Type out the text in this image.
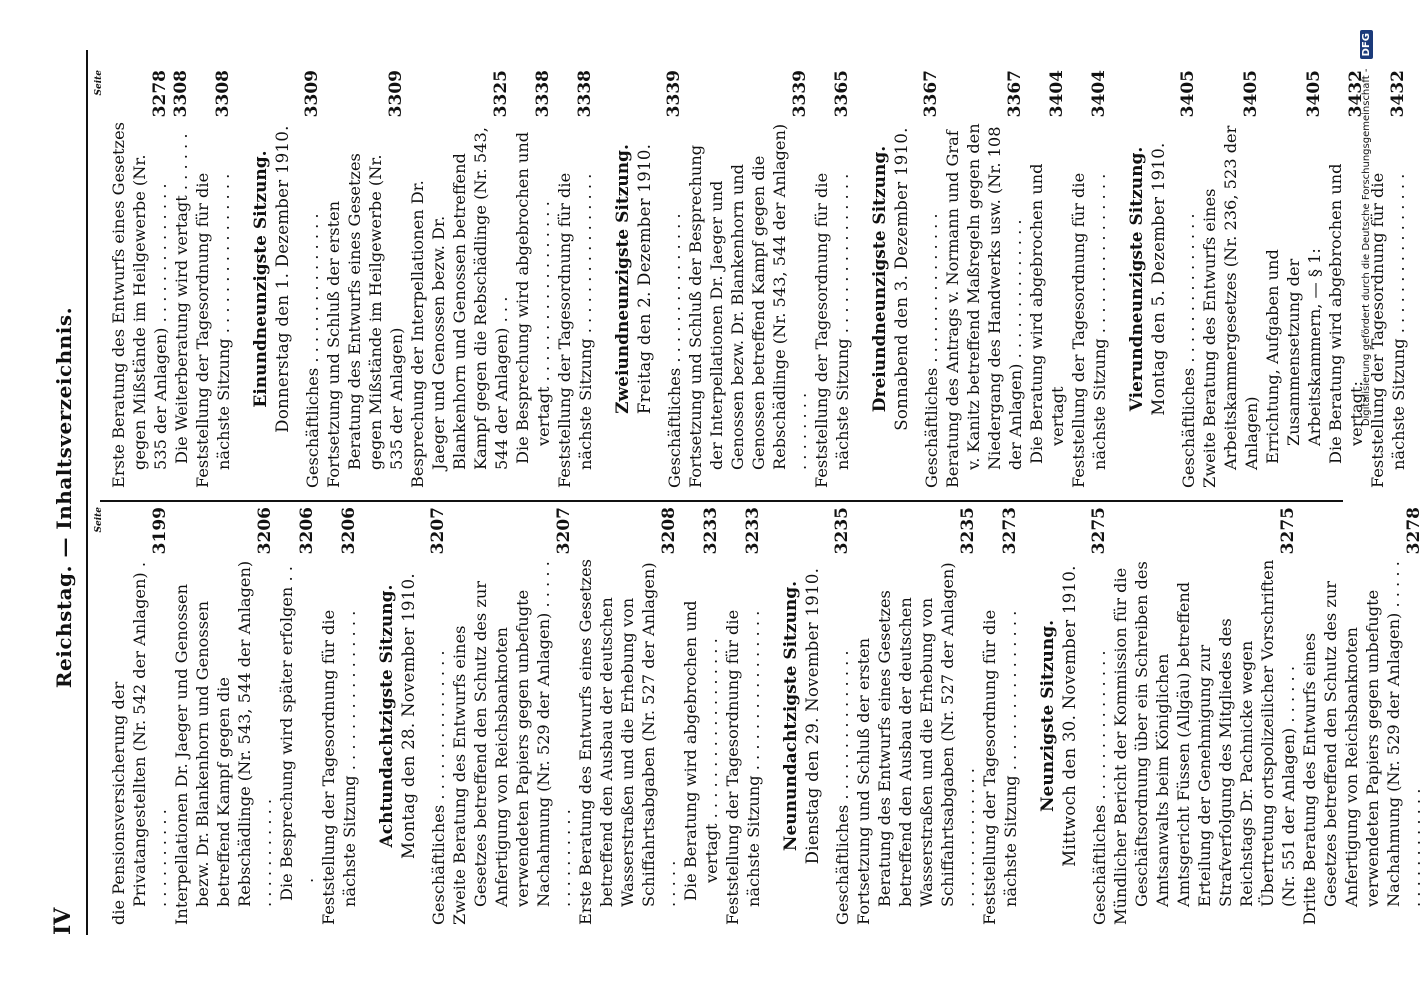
IV
Reichstag. — Inhaltsverzeichnis. Seite
die Pensionsversicherung der Privatangestellten (Nr. 542 der Anlagen) . . . . . . . . . . .
3199
Interpellationen Dr. Jaeger und Genossen bezw. Dr. Blankenhorn und Genossen betreffend Kampf gegen die Rebschädlinge (Nr. 543, 544 der Anlagen) . . . . . . . . . . .
3206
Die Besprechung wird später erfolgen . . .
3206
Feststellung der Tagesordnung für die nächste Sitzung . . . . . . . . . . . . . . . .
3206
Achtundachtzigste Sitzung. Montag den 28. November 1910. Geschäftliches . . . . . . . . . . . . . . .
3207
Zweite Beratung des Entwurfs eines Gesetzes betreffend den Schutz des zur Anfertigung von Reichsbanknoten verwendeten Papiers gegen unbefugte Nachahmung (Nr. 529 der Anlagen) . . . . . . . . . . . . . . .
3207
Erste Beratung des Entwurfs eines Gesetzes betreffend den Ausbau der deutschen Wasserstraßen und die Erhebung von Schiffahrtsabgaben (Nr. 527 der Anlagen) . . . . .
3208
Die Beratung wird abgebrochen und vertagt . . . . . . . . . . . . . . . . . .
3233
Feststellung der Tagesordnung für die nächste Sitzung . . . . . . . . . . . . . . . .
3233
Neunundachtzigste Sitzung. Dienstag den 29. November 1910. Geschäftliches . . . . . . . . . . . . . . .
3235
Fortsetzung und Schluß der ersten Beratung des Entwurfs eines Gesetzes betreffend den Ausbau der deutschen Wasserstraßen und die Erhebung von Schiffahrtsabgaben (Nr. 527 der Anlagen) . . . . . . . . . . . . . .
3235
Feststellung der Tagesordnung für die nächste Sitzung . . . . . . . . . . . . . . . .
3273
Neunzigste Sitzung. Mittwoch den 30. November 1910. Geschäftliches . . . . . . . . . . . . . . .
3275
Mündlicher Bericht der Kommission für die Geschäftsordnung über ein Schreiben des Amtsanwalts beim Königlichen Amtsgericht Füssen (Allgäu) betreffend Erteilung der Genehmigung zur Strafverfolgung des Mitgliedes des Reichstags Dr. Pachnicke wegen Übertretung ortspolizeilicher Vorschriften (Nr. 551 der Anlagen) . . . . . .
3275
Dritte Beratung des Entwurfs eines Gesetzes betreffend den Schutz des zur Anfertigung von Reichsbanknoten verwendeten Papiers gegen unbefugte Nachahmung (Nr. 529 der Anlagen) . . . . . . . . . . . . . . . . .
3278
Seite
Erste Beratung des Entwurfs eines Gesetzes gegen Mißstände im Heilgewerbe (Nr. 535 der Anlagen) . . . . . . . . . . . . . .
3278
Die Weiterberatung wird vertagt . . . . . .
3308
Feststellung der Tagesordnung für die nächste Sitzung . . . . . . . . . . . . . . . .
3308
Einundneunzigste Sitzung. Donnerstag den 1. Dezember 1910. Geschäftliches . . . . . . . . . . . . . . .
3309
Fortsetzung und Schluß der ersten Beratung des Entwurfs eines Gesetzes gegen Mißstände im Heilgewerbe (Nr. 535 der Anlagen)
3309
Besprechung der Interpellationen Dr. Jaeger und Genossen bezw. Dr. Blankenhorn und Genossen betreffend Kampf gegen die Rebschädlinge (Nr. 543, 544 der Anlagen) . . .
3325
Die Besprechung wird abgebrochen und vertagt . . . . . . . . . . . . . . . . . .
3338
Feststellung der Tagesordnung für die nächste Sitzung . . . . . . . . . . . . . . . .
3338
Zweiundneunzigste Sitzung. Freitag den 2. Dezember 1910. Geschäftliches . . . . . . . . . . . . . . .
3339
Fortsetzung und Schluß der Besprechung der Interpellationen Dr. Jaeger und Genossen bezw. Dr. Blankenhorn und Genossen betreffend Kampf gegen die Rebschädlinge (Nr. 543, 544 der Anlagen) . . . . . . . .
3339
Feststellung der Tagesordnung für die nächste Sitzung . . . . . . . . . . . . . . . .
3365
Dreiundneunzigste Sitzung. Sonnabend den 3. Dezember 1910. Geschäftliches . . . . . . . . . . . . . . .
3367
Beratung des Antrags v. Normann und Graf v. Kanitz betreffend Maßregeln gegen den Niedergang des Handwerks usw. (Nr. 108 der Anlagen) . . . . . . . . . . . . . .
3367
Die Beratung wird abgebrochen und vertagt
3404
Feststellung der Tagesordnung für die nächste Sitzung . . . . . . . . . . . . . . . .
3404
Vierundneunzigste Sitzung. Montag den 5. Dezember 1910. Geschäftliches . . . . . . . . . . . . . . .
3405
Zweite Beratung des Entwurfs eines Arbeitskammergesetzes (Nr. 236, 523 der Anlagen)
3405
Errichtung, Aufgaben und Zusammensetzung der Arbeitskammern, — § 1:
3405
Die Beratung wird abgebrochen und vertagt:
3432
Feststellung der Tagesordnung für die nächste Sitzung . . . . . . . . . . . . . . . .
3432
Digitalisierung gefördert durch die Deutsche Forschungsgemeinschaft - DFG
